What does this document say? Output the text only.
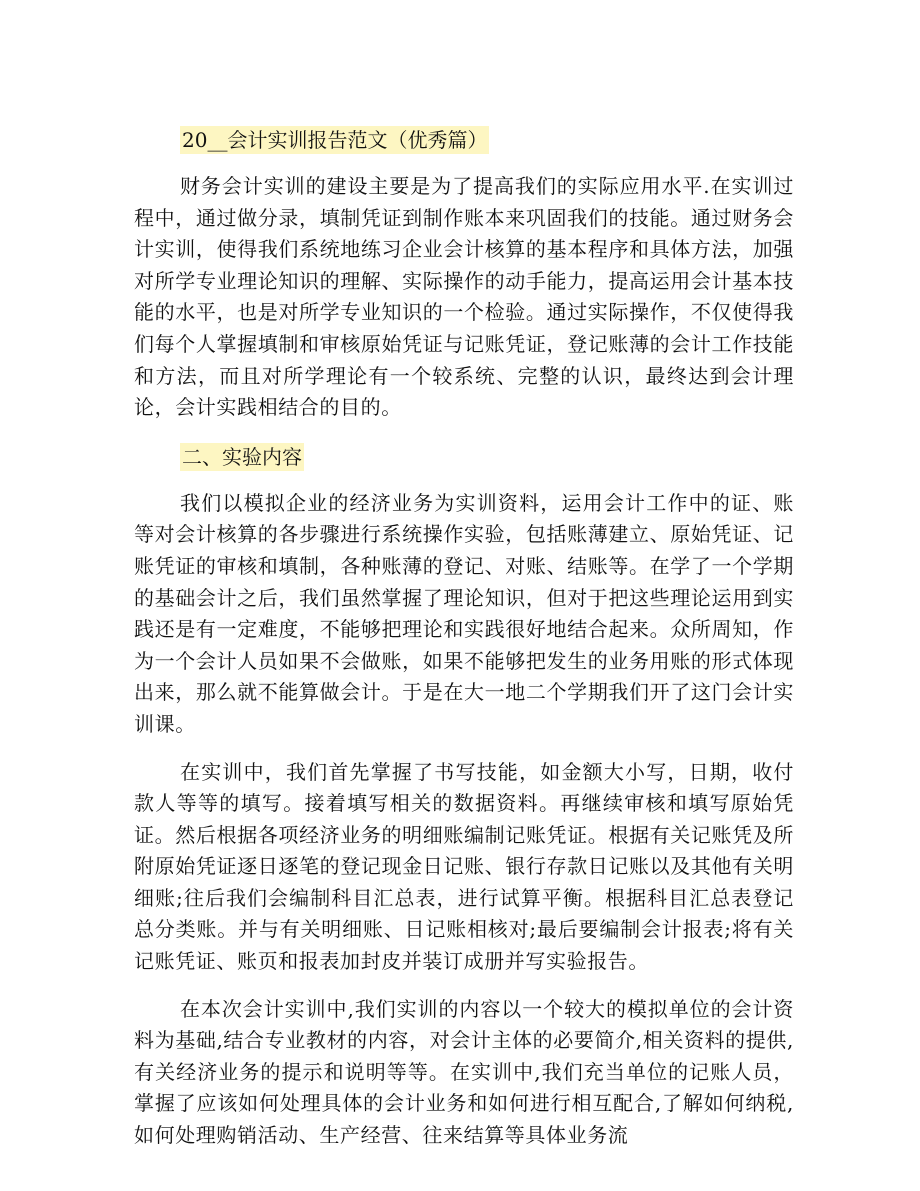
20__会计实训报告范文（优秀篇）

财务会计实训的建设主要是为了提高我们的实际应用水平.在实训过程中，通过做分录，填制凭证到制作账本来巩固我们的技能。通过财务会计实训，使得我们系统地练习企业会计核算的基本程序和具体方法，加强对所学专业理论知识的理解、实际操作的动手能力，提高运用会计基本技能的水平，也是对所学专业知识的一个检验。通过实际操作，不仅使得我们每个人掌握填制和审核原始凭证与记账凭证，登记账薄的会计工作技能和方法，而且对所学理论有一个较系统、完整的认识，最终达到会计理论，会计实践相结合的目的。

二、实验内容

我们以模拟企业的经济业务为实训资料，运用会计工作中的证、账等对会计核算的各步骤进行系统操作实验，包括账薄建立、原始凭证、记账凭证的审核和填制，各种账薄的登记、对账、结账等。在学了一个学期的基础会计之后，我们虽然掌握了理论知识，但对于把这些理论运用到实践还是有一定难度，不能够把理论和实践很好地结合起来。众所周知，作为一个会计人员如果不会做账，如果不能够把发生的业务用账的形式体现出来，那么就不能算做会计。于是在大一地二个学期我们开了这门会计实训课。

在实训中，我们首先掌握了书写技能，如金额大小写，日期，收付款人等等的填写。接着填写相关的数据资料。再继续审核和填写原始凭证。然后根据各项经济业务的明细账编制记账凭证。根据有关记账凭及所附原始凭证逐日逐笔的登记现金日记账、银行存款日记账以及其他有关明细账;往后我们会编制科目汇总表，进行试算平衡。根据科目汇总表登记总分类账。并与有关明细账、日记账相核对;最后要编制会计报表;将有关记账凭证、账页和报表加封皮并装订成册并写实验报告。

在本次会计实训中,我们实训的内容以一个较大的模拟单位的会计资料为基础,结合专业教材的内容，对会计主体的必要简介,相关资料的提供,有关经济业务的提示和说明等等。在实训中,我们充当单位的记账人员，掌握了应该如何处理具体的会计业务和如何进行相互配合,了解如何纳税,如何处理购销活动、生产经营、往来结算等具体业务流
